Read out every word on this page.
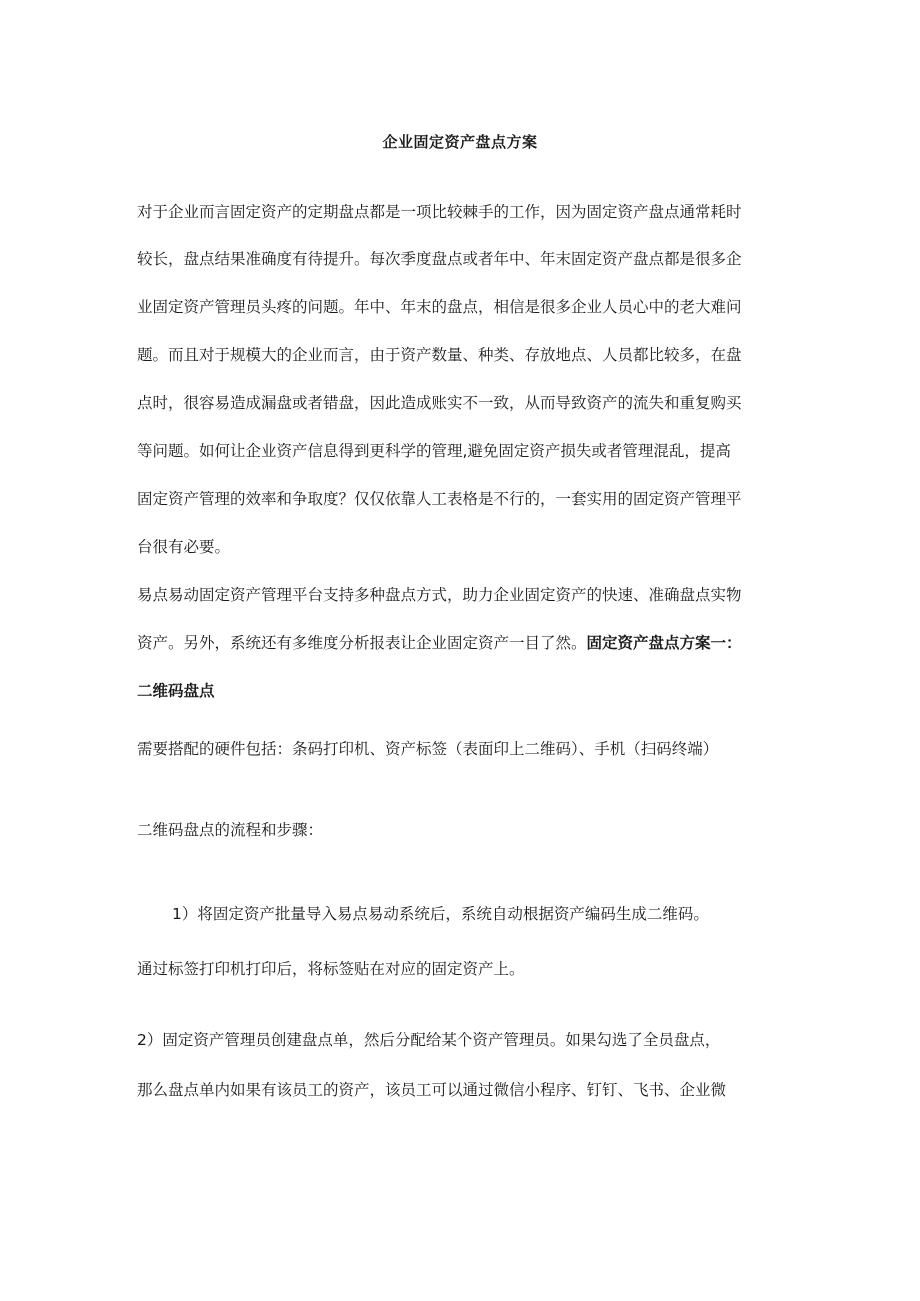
企业固定资产盘点方案
对于企业而言固定资产的定期盘点都是一项比较棘手的工作，因为固定资产盘点通常耗时
较长，盘点结果准确度有待提升。每次季度盘点或者年中、年末固定资产盘点都是很多企
业固定资产管理员头疼的问题。年中、年末的盘点，相信是很多企业人员心中的老大难问
题。而且对于规模大的企业而言，由于资产数量、种类、存放地点、人员都比较多，在盘
点时，很容易造成漏盘或者错盘，因此造成账实不一致，从而导致资产的流失和重复购买
等问题。如何让企业资产信息得到更科学的管理,避免固定资产损失或者管理混乱，提高
固定资产管理的效率和争取度？仅仅依靠人工表格是不行的，一套实用的固定资产管理平
台很有必要。
易点易动固定资产管理平台支持多种盘点方式，助力企业固定资产的快速、准确盘点实物
资产。另外，系统还有多维度分析报表让企业固定资产一目了然。固定资产盘点方案一：
二维码盘点
需要搭配的硬件包括：条码打印机、资产标签（表面印上二维码）、手机（扫码终端）
二维码盘点的流程和步骤：
1）将固定资产批量导入易点易动系统后，系统自动根据资产编码生成二维码。
通过标签打印机打印后，将标签贴在对应的固定资产上。
2）固定资产管理员创建盘点单，然后分配给某个资产管理员。如果勾选了全员盘点，
那么盘点单内如果有该员工的资产，该员工可以通过微信小程序、钉钉、飞书、企业微
